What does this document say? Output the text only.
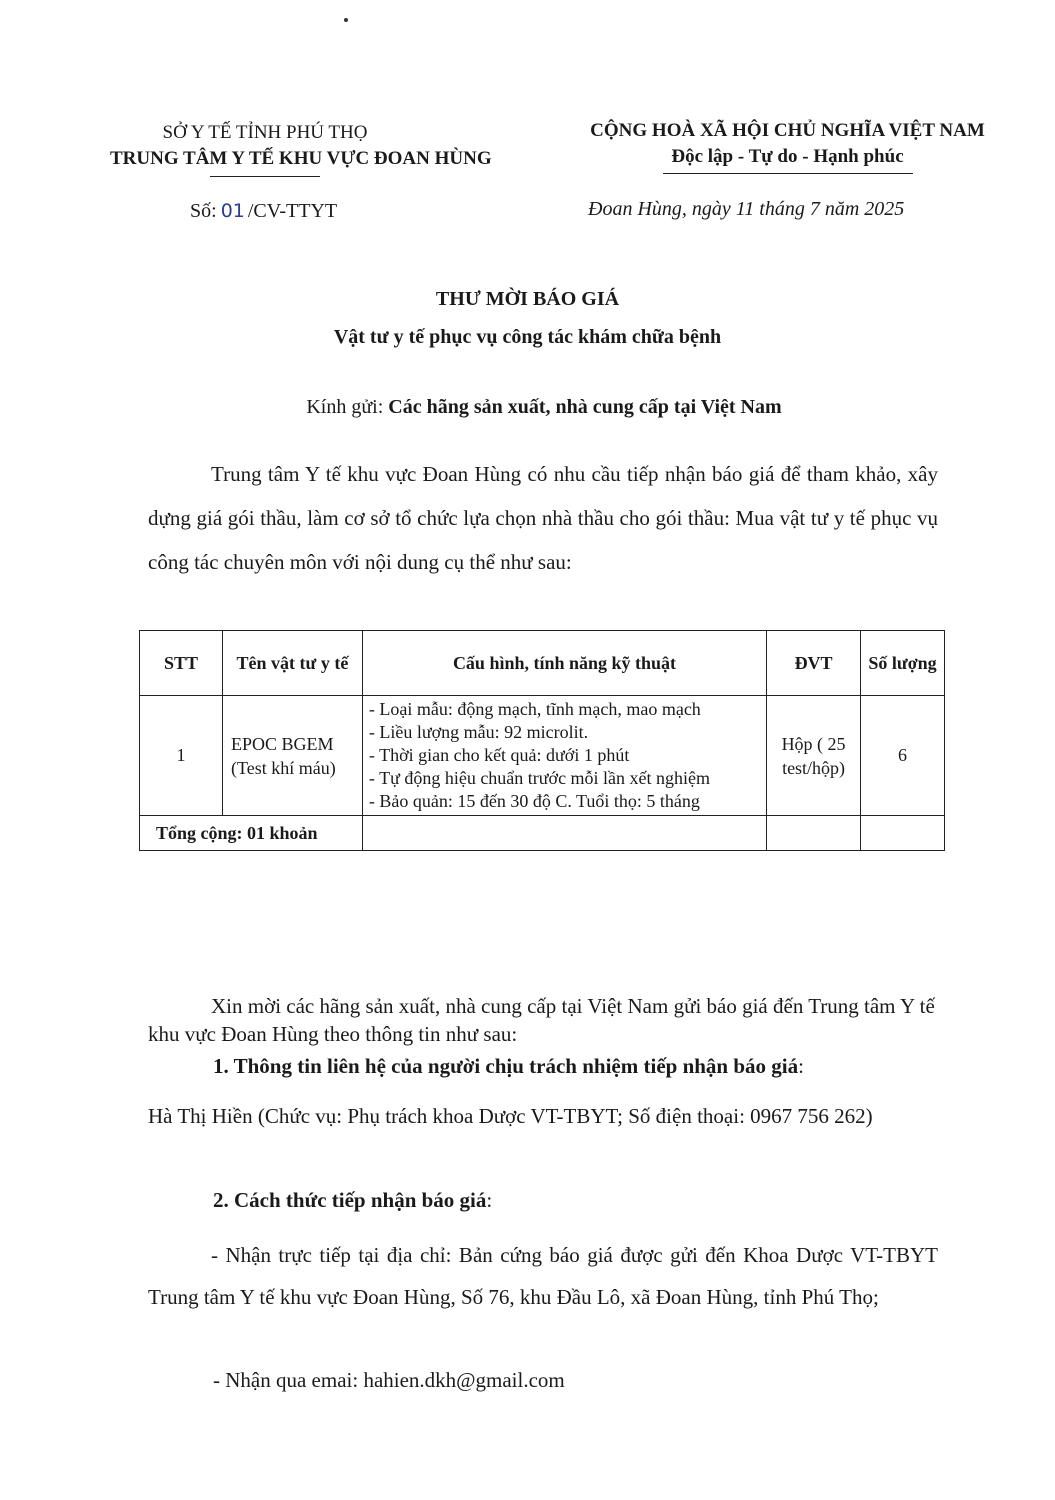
SỞ Y TẾ TỈNH PHÚ THỌ
TRUNG TÂM Y TẾ KHU VỰC ĐOAN HÙNG
CỘNG HOÀ XÃ HỘI CHỦ NGHĨA VIỆT NAM
Độc lập - Tự do - Hạnh phúc
Số: 01 /CV-TTYT	Đoan Hùng, ngày 11 tháng 7 năm 2025
THƯ MỜI BÁO GIÁ
Vật tư y tế phục vụ công tác khám chữa bệnh
Kính gửi: Các hãng sản xuất, nhà cung cấp tại Việt Nam
Trung tâm Y tế khu vực Đoan Hùng có nhu cầu tiếp nhận báo giá để tham khảo, xây dựng giá gói thầu, làm cơ sở tổ chức lựa chọn nhà thầu cho gói thầu: Mua vật tư y tế phục vụ công tác chuyên môn với nội dung cụ thể như sau:
STT	Tên vật tư y tế	Cấu hình, tính năng kỹ thuật	ĐVT	Số lượng
1	EPOC BGEM (Test khí máu)	- Loại mẫu: động mạch, tĩnh mạch, mao mạch
- Liều lượng mẫu: 92 microlit.
- Thời gian cho kết quả: dưới 1 phút
- Tự động hiệu chuẩn trước mỗi lần xết nghiệm
- Bảo quản: 15 đến 30 độ C. Tuổi thọ: 5 tháng	Hộp ( 25 test/hộp)	6
Tổng cộng: 01 khoản				
Xin mời các hãng sản xuất, nhà cung cấp tại Việt Nam gửi báo giá đến Trung tâm Y tế khu vực Đoan Hùng theo thông tin như sau:
1. Thông tin liên hệ của người chịu trách nhiệm tiếp nhận báo giá:
Hà Thị Hiền (Chức vụ: Phụ trách khoa Dược VT-TBYT; Số điện thoại: 0967 756 262)
2. Cách thức tiếp nhận báo giá:
- Nhận trực tiếp tại địa chỉ: Bản cứng báo giá được gửi đến Khoa Dược VT-TBYT Trung tâm Y tế khu vực Đoan Hùng, Số 76, khu Đầu Lô, xã Đoan Hùng, tỉnh Phú Thọ;
- Nhận qua emai: hahien.dkh@gmail.com
